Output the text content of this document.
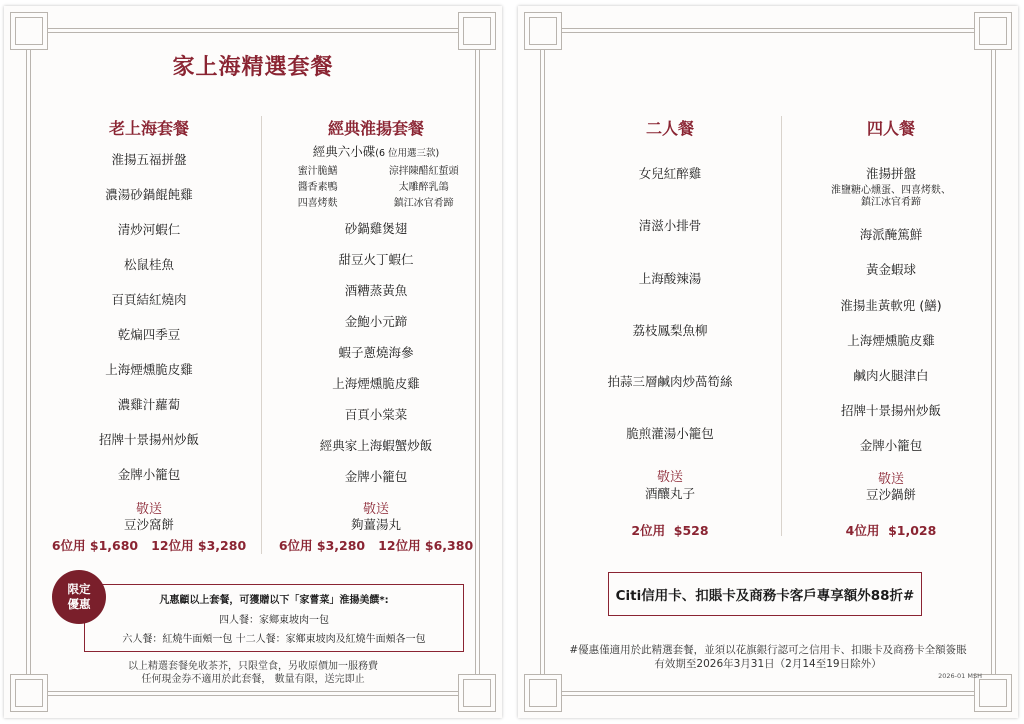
家上海精選套餐
老上海套餐
淮揚五福拼盤
濃湯砂鍋餛飩雞
清炒河蝦仁
松鼠桂魚
百頁結紅燒肉
乾煸四季豆
上海煙燻脆皮雞
濃雞汁蘿蔔
招牌十景揚州炒飯
金牌小籠包
敬送
豆沙窩餅
6位用 $1,680   12位用 $3,280
經典淮揚套餐
經典六小碟(6 位用選三款)
蜜汁脆鱔	涼拌陳醋紅蜇頭
醬香素鴨	太雕醉乳鴿
四喜烤麩	鎮江冰官肴蹄
砂鍋雞煲翅
甜豆火丁蝦仁
酒糟蒸黃魚
金鮑小元蹄
蝦子蔥燒海參
上海煙燻脆皮雞
百頁小棠菜
經典家上海蝦蟹炒飯
金牌小籠包
敬送
夠薑湯丸
6位用 $3,280   12位用 $6,380
凡惠顧以上套餐，可獲贈以下「家嘗菜」淮揚美饌*:
四人餐：家鄉東坡肉一包
六人餐：紅燒牛面頰一包 十二人餐：家鄉東坡肉及紅燒牛面頰各一包
限定
優惠
以上精選套餐免收茶芥，只限堂食，另收原價加一服務費
任何現金券不適用於此套餐， 數量有限，送完即止
二人餐
女兒紅醉雞
清滋小排骨
上海酸辣湯
荔枝鳳梨魚柳
拍蒜三層鹹肉炒萵筍絲
脆煎灌湯小籠包
敬送
酒釀丸子
2位用  $528
四人餐
淮揚拼盤
淮鹽糖心燻蛋、四喜烤麩、
鎮江冰官肴蹄
海派醃篤鮮
黃金蝦球
淮揚韭黃軟兜 (鱔)
上海煙燻脆皮雞
鹹肉火腿津白
招牌十景揚州炒飯
金牌小籠包
敬送
豆沙鍋餅
4位用  $1,028
Citi信用卡、扣賬卡及商務卡客戶專享額外88折#
#優惠僅適用於此精選套餐，並須以花旗銀行認可之信用卡、扣賬卡及商務卡全額簽賬
有效期至2026年3月31日（2月14至19日除外）
2026-01 MSH
